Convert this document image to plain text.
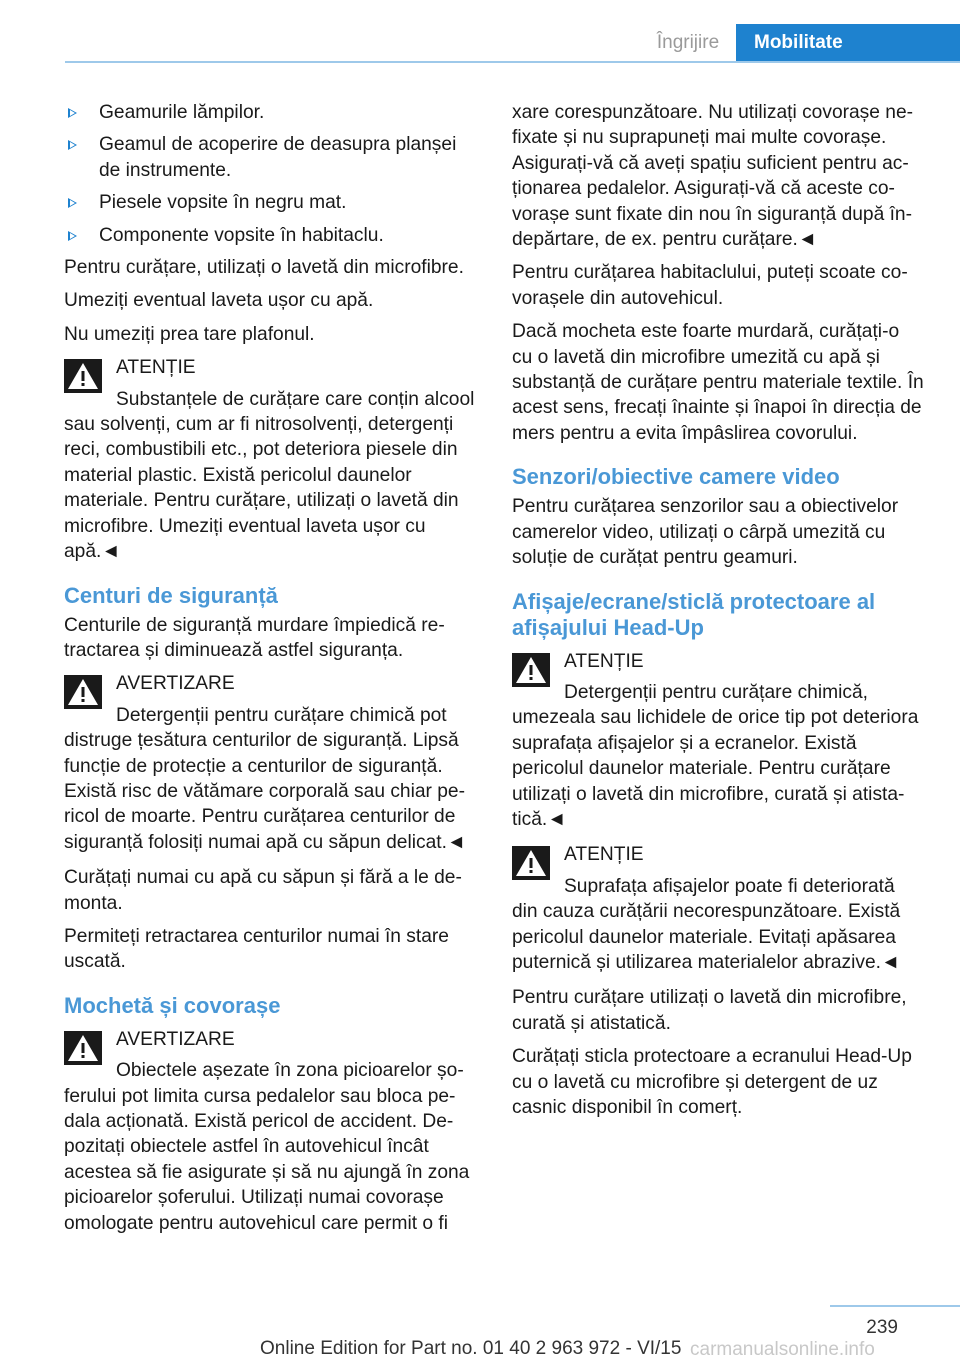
Îngrijire	Mobilitate
Geamurile lămpilor.
Geamul de acoperire de deasupra planșei de instrumente.
Piesele vopsite în negru mat.
Componente vopsite în habitaclu.

Pentru curățare, utilizați o lavetă din microfibre.

Umeziți eventual laveta ușor cu apă.

Nu umeziți prea tare plafonul.

ATENȚIE
Substanțele de curățare care conțin alcool sau solvenți, cum ar fi nitrosolvenți, detergenți reci, combustibili etc., pot deteriora piesele din material plastic. Există pericolul daunelor materiale. Pentru curățare, utilizați o lavetă din microfibre. Umeziți eventual laveta ușor cu apă.◄
Centuri de siguranță

Centurile de siguranță murdare împiedică retractarea și diminuează astfel siguranța.

AVERTIZARE
Detergenții pentru curățare chimică pot distruge țesătura centurilor de siguranță. Lipsă funcție de protecție a centurilor de siguranță. Există risc de vătămare corporală sau chiar pericol de moarte. Pentru curățarea centurilor de siguranță folosiți numai apă cu săpun delicat.◄

Curățați numai cu apă cu săpun și fără a le demonta.

Permiteți retractarea centurilor numai în stare uscată.

Mochetă și covorașe
AVERTIZARE
Obiectele așezate în zona picioarelor șoferului pot limita cursa pedalelor sau bloca pedala acționată. Există pericol de accident. Depozitați obiectele astfel în autovehicul încât acestea să fie asigurate și să nu ajungă în zona picioarelor șoferului. Utilizați numai covorașe omologate pentru autovehicul care permit o fi

xare corespunzătoare. Nu utilizați covorașe nefixate și nu suprapuneți mai multe covorașe. Asigurați-vă că aveți spațiu suficient pentru acționarea pedalelor. Asigurați-vă că aceste covorașe sunt fixate din nou în siguranță după îndepărtare, de ex. pentru curățare.◄

Pentru curățarea habitaclului, puteți scoate covorașele din autovehicul.

Dacă mocheta este foarte murdară, curățați-o cu o lavetă din microfibre umezită cu apă și substanță de curățare pentru materiale textile. În acest sens, frecați înainte și înapoi în direcția de mers pentru a evita împâslirea covorului.

Senzori/obiective camere video

Pentru curățarea senzorilor sau a obiectivelor camerelor video, utilizați o cârpă umezită cu soluție de curățat pentru geamuri.

Afișaje/ecrane/sticlă protectoare al afișajului Head-Up
ATENȚIE
Detergenții pentru curățare chimică, umezeala sau lichidele de orice tip pot deteriora suprafața afișajelor și a ecranelor. Există pericolul daunelor materiale. Pentru curățare utilizați o lavetă din microfibre, curată și atistatică.◄
ATENȚIE
Suprafața afișajelor poate fi deteriorată din cauza curățării necorespunzătoare. Există pericolul daunelor materiale. Evitați apăsarea puternică și utilizarea materialelor abrazive.◄

Pentru curățare utilizați o lavetă din microfibre, curată și atistatică.

Curățați sticla protectoare a ecranului Head-Up cu o lavetă cu microfibre și detergent de uz casnic disponibil în comerț.

239
Online Edition for Part no. 01 40 2 963 972 - VI/15 carmanualsonline.info
